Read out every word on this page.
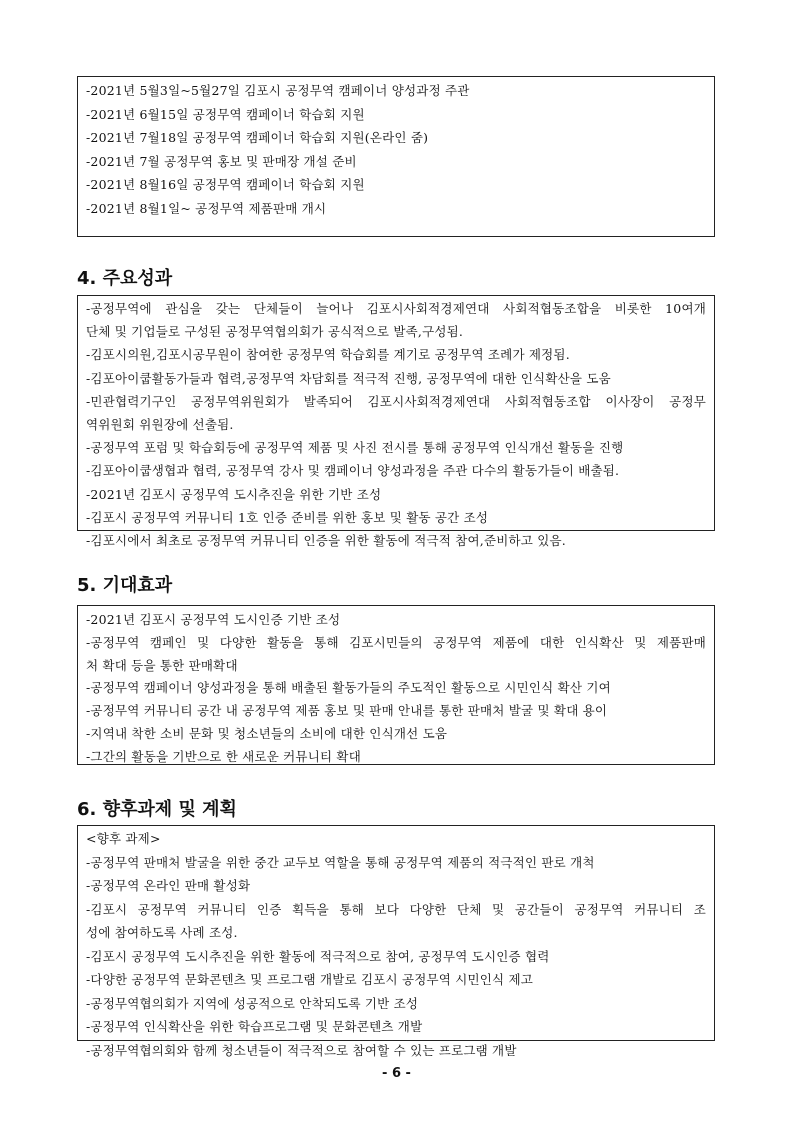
-2021년 5월3일~5월27일 김포시 공정무역 캠페이너 양성과정 주관
-2021년 6월15일 공정무역 캠페이너 학습회 지원
-2021년 7월18일 공정무역 캠페이너 학습회 지원(온라인 줌)
-2021년 7월 공정무역 홍보 및 판매장 개설 준비
-2021년 8월16일 공정무역 캠페이너 학습회 지원
-2021년 8월1일~ 공정무역 제품판매 개시
4. 주요성과
-공정무역에 관심을 갖는 단체들이 늘어나 김포시사회적경제연대 사회적협동조합을 비롯한 10여개
단체 및 기업들로 구성된 공정무역협의회가 공식적으로 발족,구성됨.
-김포시의원,김포시공무원이 참여한 공정무역 학습회를 계기로 공정무역 조례가 제정됨.
-김포아이쿱활동가들과 협력,공정무역 차담회를 적극적 진행, 공정무역에 대한 인식확산을 도움
-민관협력기구인 공정무역위원회가 발족되어 김포시사회적경제연대 사회적협동조합 이사장이 공정무
역위원회 위원장에 선출됨.
-공정무역 포럼 및 학습회등에 공정무역 제품 및 사진 전시를 통해 공정무역 인식개선 활동을 진행
-김포아이쿱생협과 협력, 공정무역 강사 및 캠페이너 양성과정을 주관 다수의 활동가들이 배출됨.
-2021년 김포시 공정무역 도시추진을 위한 기반 조성
-김포시 공정무역 커뮤니티 1호 인증 준비를 위한 홍보 및 활동 공간 조성
-김포시에서 최초로 공정무역 커뮤니티 인증을 위한 활동에 적극적 참여,준비하고 있음.
5. 기대효과
-2021년 김포시 공정무역 도시인증 기반 조성
-공정무역 캠페인 및 다양한 활동을 통해 김포시민들의 공정무역 제품에 대한 인식확산 및 제품판매
처 확대 등을 통한 판매확대
-공정무역 캠페이너 양성과정을 통해 배출된 활동가들의 주도적인 활동으로 시민인식 확산 기여
-공정무역 커뮤니티 공간 내 공정무역 제품 홍보 및 판매 안내를 통한 판매처 발굴 및 확대 용이
-지역내 착한 소비 문화 및 청소년들의 소비에 대한 인식개선 도움
-그간의 활동을 기반으로 한 새로운 커뮤니티 확대
6. 향후과제 및 계획
<향후 과제>
-공정무역 판매처 발굴을 위한 중간 교두보 역할을 통해 공정무역 제품의 적극적인 판로 개척
-공정무역 온라인 판매 활성화
-김포시 공정무역 커뮤니티 인증 획득을 통해 보다 다양한 단체 및 공간들이 공정무역 커뮤니티 조
성에 참여하도록 사례 조성.
-김포시 공정무역 도시추진을 위한 활동에 적극적으로 참여, 공정무역 도시인증 협력
-다양한 공정무역 문화콘텐츠 및 프로그램 개발로 김포시 공정무역 시민인식 제고
-공정무역협의회가 지역에 성공적으로 안착되도록 기반 조성
-공정무역 인식확산을 위한 학습프로그램 및 문화콘텐츠 개발
-공정무역협의회와 함께 청소년들이 적극적으로 참여할 수 있는 프로그램 개발
- 6 -
